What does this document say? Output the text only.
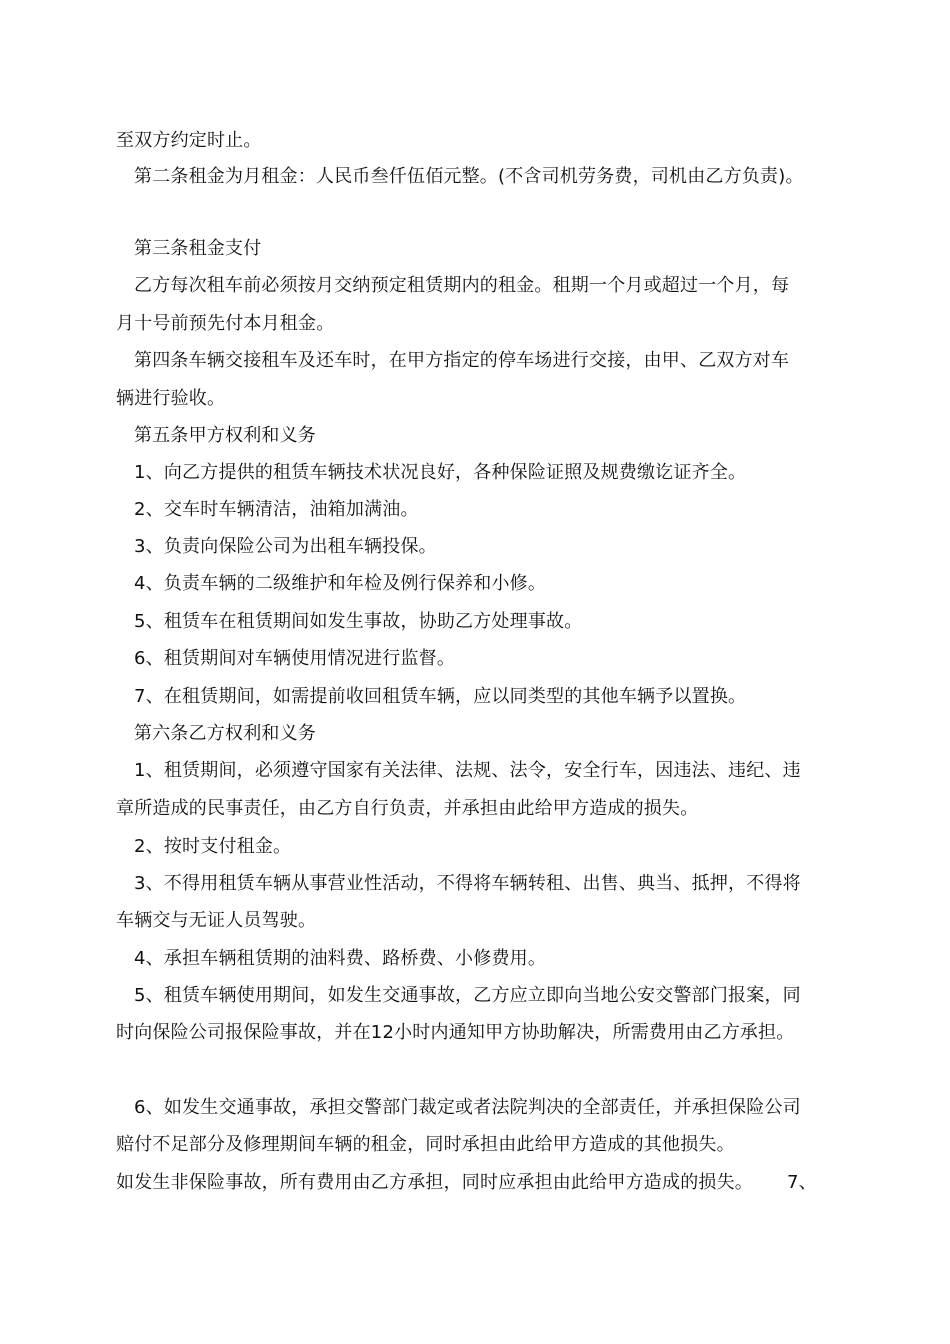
至双方约定时止。
第二条租金为月租金：人民币叁仟伍佰元整。(不含司机劳务费，司机由乙方负责)。
第三条租金支付
乙方每次租车前必须按月交纳预定租赁期内的租金。租期一个月或超过一个月，每
月十号前预先付本月租金。
第四条车辆交接租车及还车时，在甲方指定的停车场进行交接，由甲、乙双方对车
辆进行验收。
第五条甲方权利和义务
1、向乙方提供的租赁车辆技术状况良好，各种保险证照及规费缴讫证齐全。
2、交车时车辆清洁，油箱加满油。
3、负责向保险公司为出租车辆投保。
4、负责车辆的二级维护和年检及例行保养和小修。
5、租赁车在租赁期间如发生事故，协助乙方处理事故。
6、租赁期间对车辆使用情况进行监督。
7、在租赁期间，如需提前收回租赁车辆，应以同类型的其他车辆予以置换。
第六条乙方权利和义务
1、租赁期间，必须遵守国家有关法律、法规、法令，安全行车，因违法、违纪、违
章所造成的民事责任，由乙方自行负责，并承担由此给甲方造成的损失。
2、按时支付租金。
3、不得用租赁车辆从事营业性活动，不得将车辆转租、出售、典当、抵押，不得将
车辆交与无证人员驾驶。
4、承担车辆租赁期的油料费、路桥费、小修费用。
5、租赁车辆使用期间，如发生交通事故，乙方应立即向当地公安交警部门报案，同
时向保险公司报保险事故，并在12小时内通知甲方协助解决，所需费用由乙方承担。
6、如发生交通事故，承担交警部门裁定或者法院判决的全部责任，并承担保险公司
赔付不足部分及修理期间车辆的租金，同时承担由此给甲方造成的其他损失。
如发生非保险事故，所有费用由乙方承担，同时应承担由此给甲方造成的损失。 7、
